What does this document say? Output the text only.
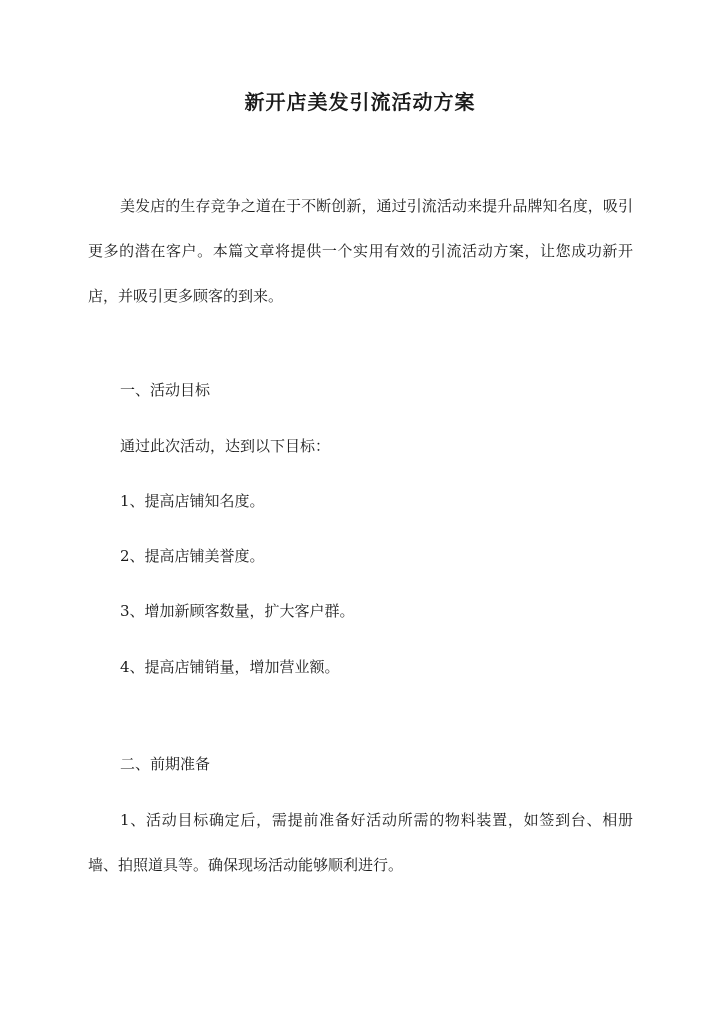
新开店美发引流活动方案
美发店的生存竞争之道在于不断创新，通过引流活动来提升品牌知名度，吸引更多的潜在客户。本篇文章将提供一个实用有效的引流活动方案，让您成功新开店，并吸引更多顾客的到来。
一、活动目标
通过此次活动，达到以下目标：
1、提高店铺知名度。
2、提高店铺美誉度。
3、增加新顾客数量，扩大客户群。
4、提高店铺销量，增加营业额。
二、前期准备
1、活动目标确定后，需提前准备好活动所需的物料装置，如签到台、相册墙、拍照道具等。确保现场活动能够顺利进行。
